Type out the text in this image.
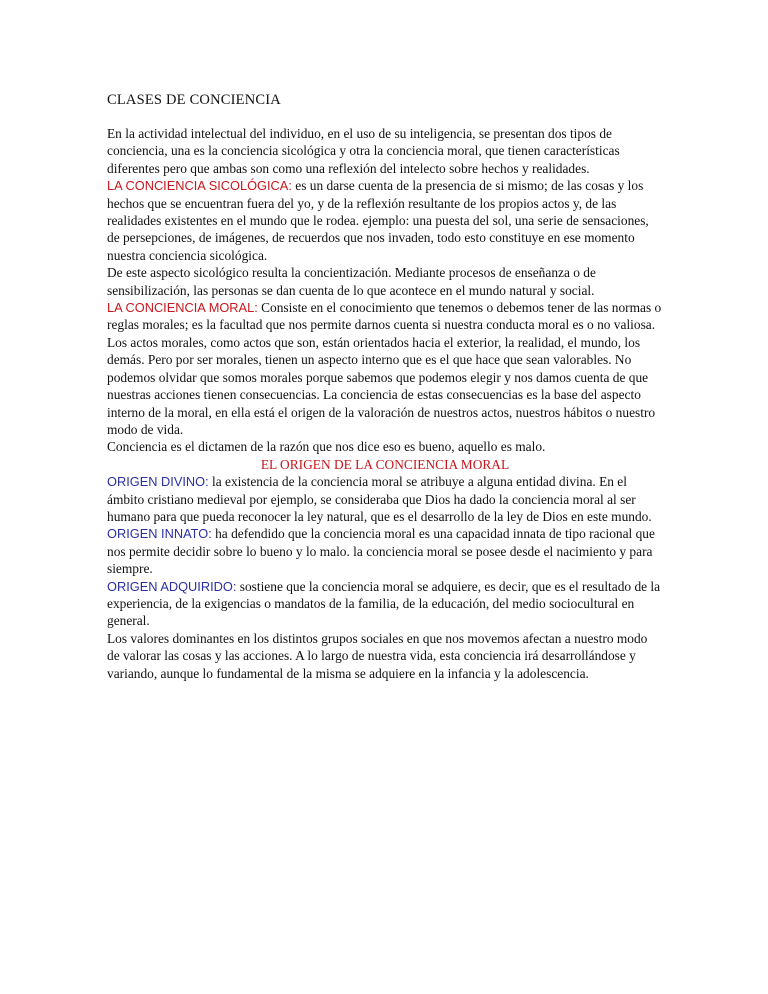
CLASES DE CONCIENCIA

En la actividad intelectual del individuo, en el uso de su inteligencia, se presentan dos tipos de conciencia, una es la conciencia sicológica y otra la conciencia moral, que tienen características diferentes pero que ambas son como una reflexión del intelecto sobre hechos y realidades.

LA CONCIENCIA SICOLÓGICA: es un darse cuenta de la presencia de si mismo; de las cosas y los hechos que se encuentran fuera del yo, y de la reflexión resultante de los propios actos y, de las realidades existentes en el mundo que le rodea. ejemplo: una puesta del sol, una serie de sensaciones, de persepciones, de imágenes, de recuerdos que nos invaden, todo esto constituye en ese momento nuestra conciencia sicológica.

De este aspecto sicológico resulta la concientización. Mediante procesos de enseñanza o de sensibilización, las personas se dan cuenta de lo que acontece en el mundo natural y social.

LA CONCIENCIA MORAL: Consiste en el conocimiento que tenemos o debemos tener de las normas o reglas morales; es la facultad que nos permite darnos cuenta si nuestra conducta moral es o no valiosa.

Los actos morales, como actos que son, están orientados hacia el exterior, la realidad, el mundo, los demás. Pero por ser morales, tienen un aspecto interno que es el que hace que sean valorables. No podemos olvidar que somos morales porque sabemos que podemos elegir y nos damos cuenta de que nuestras acciones tienen consecuencias. La conciencia de estas consecuencias es la base del aspecto interno de la moral, en ella está el origen de la valoración de nuestros actos, nuestros hábitos o nuestro modo de vida.

Conciencia es el dictamen de la razón que nos dice eso es bueno, aquello es malo.

EL ORIGEN DE LA CONCIENCIA MORAL

ORIGEN DIVINO: la existencia de la conciencia moral se atribuye a alguna entidad divina. En el ámbito cristiano medieval por ejemplo, se consideraba que Dios ha dado la conciencia moral al ser humano para que pueda reconocer la ley natural, que es el desarrollo de la ley de Dios en este mundo.

ORIGEN INNATO: ha defendido que la conciencia moral es una capacidad innata de tipo racional que nos permite decidir sobre lo bueno y lo malo. la conciencia moral se posee desde el nacimiento y para siempre.

ORIGEN ADQUIRIDO: sostiene que la conciencia moral se adquiere, es decir, que es el resultado de la experiencia, de la exigencias o mandatos de la familia, de la educación, del medio sociocultural en general.

Los valores dominantes en los distintos grupos sociales en que nos movemos afectan a nuestro modo de valorar las cosas y las acciones. A lo largo de nuestra vida, esta conciencia irá desarrollándose y variando, aunque lo fundamental de la misma se adquiere en la infancia y la adolescencia.
